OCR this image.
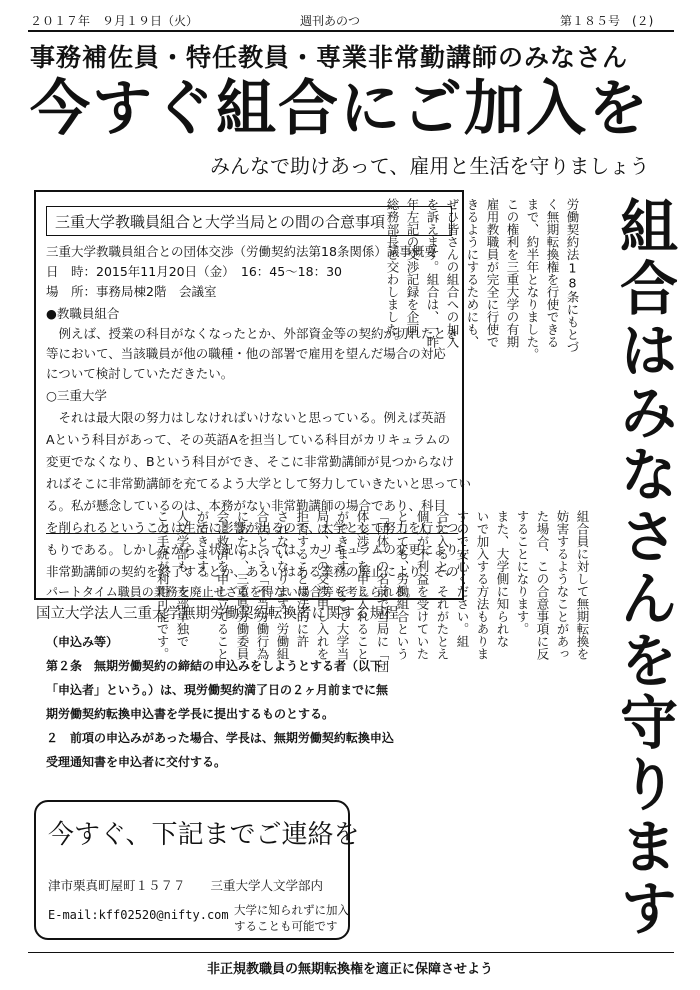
２０１７年　９月１９日（火）	週刊あのつ	第１８５号　(２)
事務補佐員・特任教員・専業非常勤講師のみなさん
今すぐ組合にご加入を
みんなで助けあって、雇用と生活を守りましょう
三重大学教職員組合と大学当局との間の合意事項
三重大学教職員組合との団体交渉（労働契約法第18条関係）議事概要
日　時：2015年11月20日（金）　16：45～18：30
場　所：事務局棟2階　会議室
●教職員組合
　例えば、授業の科目がなくなったとか、外部資金等の契約が切れたとき
等において、当該職員が他の職種・他の部署で雇用を望んだ場合の対応
について検討していただきたい。
○三重大学
　それは最大限の努力はしなければいけないと思っている。例えば英語
Aという科目があって、その英語Aを担当している科目がカリキュラムの
変更でなくなり、Bという科目ができ、そこに非常勤講師が見つからなけ
ればそこに非常勤講師を充てるよう大学として努力していきたいと思ってい
る。私が懸念しているのは、本務がない非常勤講師の場合であり、科目
を削られるということは生活に影響が出るので、大学として努力を行うつ
もりである。しかしながら、状況によっては、カリキュラムの変更により
非常勤講師の契約を終了するとか、あるいはある業務の廃止により、その
パートタイム職員の業務を廃止せざるを得ない場合等も考えられる。
国立大学法人三重大学無期労働契約転換者に関する規程
（申込み等）
第２条　無期労働契約の締結の申込みをしようとする者（以下
「申込者」という。）は、現労働契約満了日の２ヶ月前までに無
期労働契約転換申込書を学長に提出するものとする。
２　前項の申込みがあった場合、学長は、無期労働契約転換申込
受理通知書を申込者に交付する。
今すぐ、下記までご連絡を
津市栗真町屋町１５７７　　三重大学人文学部内
E-mail:kff02520@nifty.com 大学に知られずに加入
することも可能です
労働契約法18条にもとづ
く無期転換権を行使できる
まで、約半年となりました。
この権利を三重大学の有期
雇用教職員が完全に行使で
きるようにするためにも、
ぜひ皆さんの組合への加入
を訴えます。組合は、一昨
年左記の交渉記録を企画
総務部長と交わしました。
組合員に対して無期転換を
妨害するようなことがあっ
た場合、この合意事項に反
することになります。
また、大学側に知られな
いで加入する方法もありま
すので安心ください。組
合に入ると、それがたとえ
個人が不利益を受けていた
としても、労働組合という
「団体」の名前で当局に「団
体交渉」を申し入れること
ができます。そこで大学当
局は、この交渉申し入れを
拒否することは法的に許
されないなります。労働組
合法という「不当労働行為
にあたり、三重県労働委員
会に救済を申し立てること
ができます。
人文学部も、支部単独で
この手続が利用可能です。	組合はみなさんを守ります
非正規教職員の無期転換権を適正に保障させよう
